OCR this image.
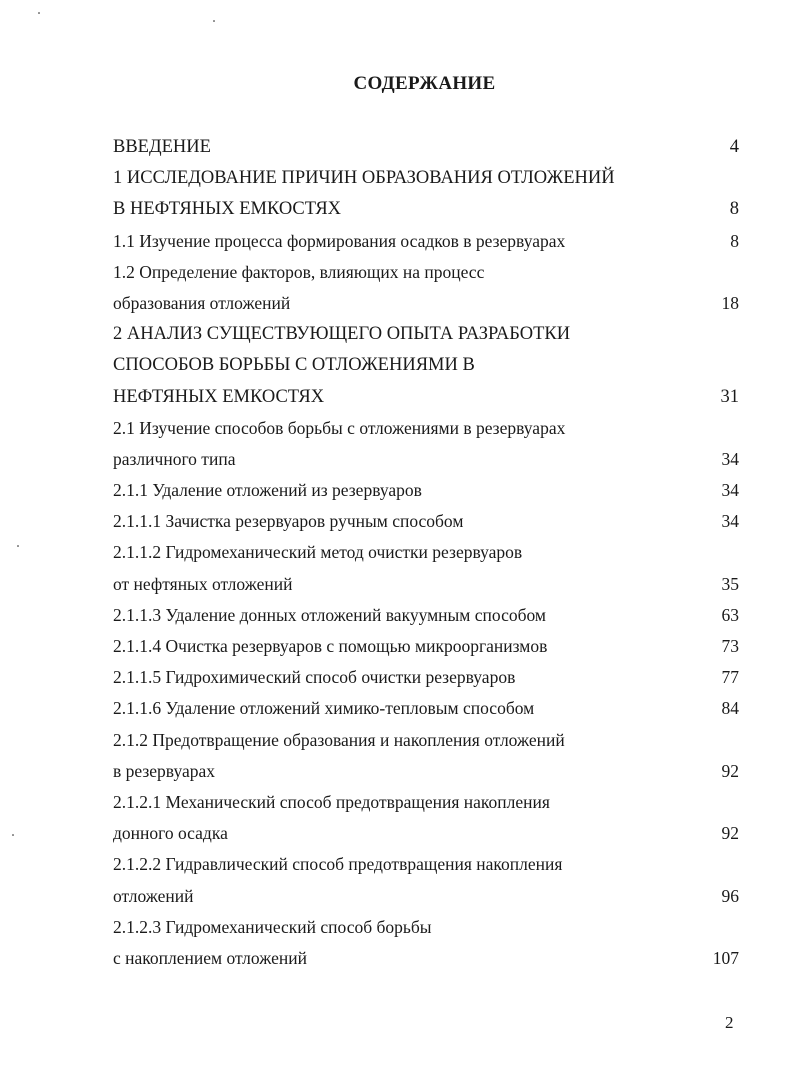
СОДЕРЖАНИЕ
ВВЕДЕНИЕ	4
1 ИССЛЕДОВАНИЕ ПРИЧИН ОБРАЗОВАНИЯ ОТЛОЖЕНИЙ
В НЕФТЯНЫХ ЕМКОСТЯХ	8
1.1 Изучение процесса формирования осадков в резервуарах	8
1.2 Определение факторов, влияющих на процесс
образования отложений	18
2 АНАЛИЗ СУЩЕСТВУЮЩЕГО ОПЫТА РАЗРАБОТКИ
СПОСОБОВ БОРЬБЫ С ОТЛОЖЕНИЯМИ В
НЕФТЯНЫХ ЕМКОСТЯХ	31
2.1 Изучение способов борьбы с отложениями в резервуарах
различного типа	34
2.1.1 Удаление отложений из резервуаров	34
2.1.1.1 Зачистка резервуаров ручным способом	34
2.1.1.2 Гидромеханический метод очистки резервуаров
от нефтяных отложений	35
2.1.1.3 Удаление донных отложений вакуумным способом	63
2.1.1.4 Очистка резервуаров с помощью микроорганизмов	73
2.1.1.5 Гидрохимический способ очистки резервуаров	77
2.1.1.6 Удаление отложений химико-тепловым способом	84
2.1.2 Предотвращение образования и накопления отложений
в резервуарах	92
2.1.2.1 Механический способ предотвращения накопления
донного осадка	92
2.1.2.2 Гидравлический способ предотвращения накопления
отложений	96
2.1.2.3 Гидромеханический способ борьбы
с накоплением отложений	107
2
